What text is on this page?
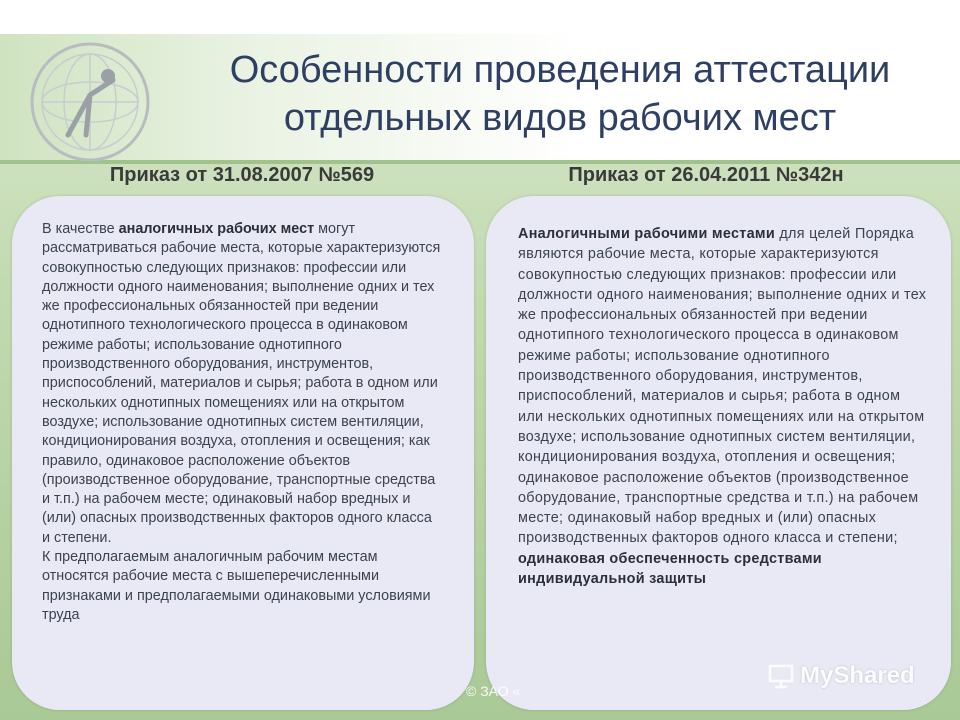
Особенности проведения аттестации
отдельных видов рабочих мест
Приказ от 31.08.2007 №569	Приказ от 26.04.2011 №342н
В качестве аналогичных рабочих мест могут рассматриваться рабочие места, которые характеризуются совокупностью следующих признаков: профессии или должности одного наименования; выполнение одних и тех же профессиональных обязанностей при ведении однотипного технологического процесса в одинаковом режиме работы; использование однотипного производственного оборудования, инструментов, приспособлений, материалов и сырья; работа в одном или нескольких однотипных помещениях или на открытом воздухе; использование однотипных систем вентиляции, кондиционирования воздуха, отопления и освещения; как правило, одинаковое расположение объектов (производственное оборудование, транспортные средства и т.п.) на рабочем месте; одинаковый набор вредных и (или) опасных производственных факторов одного класса и степени.
К предполагаемым аналогичным рабочим местам относятся рабочие места с вышеперечисленными признаками и предполагаемыми одинаковыми условиями труда
Аналогичными рабочими местами для целей Порядка являются рабочие места, которые характеризуются совокупностью следующих признаков: профессии или должности одного наименования; выполнение одних и тех же профессиональных обязанностей при ведении однотипного технологического процесса в одинаковом режиме работы; использование однотипного производственного оборудования, инструментов, приспособлений, материалов и сырья; работа в одном или нескольких однотипных помещениях или на открытом воздухе; использование однотипных систем вентиляции, кондиционирования воздуха, отопления и освещения; одинаковое расположение объектов (производственное оборудование, транспортные средства и т.п.) на рабочем месте; одинаковый набор вредных и (или) опасных производственных факторов одного класса и степени; одинаковая обеспеченность средствами индивидуальной защиты
© ЗАО «
MyShared
